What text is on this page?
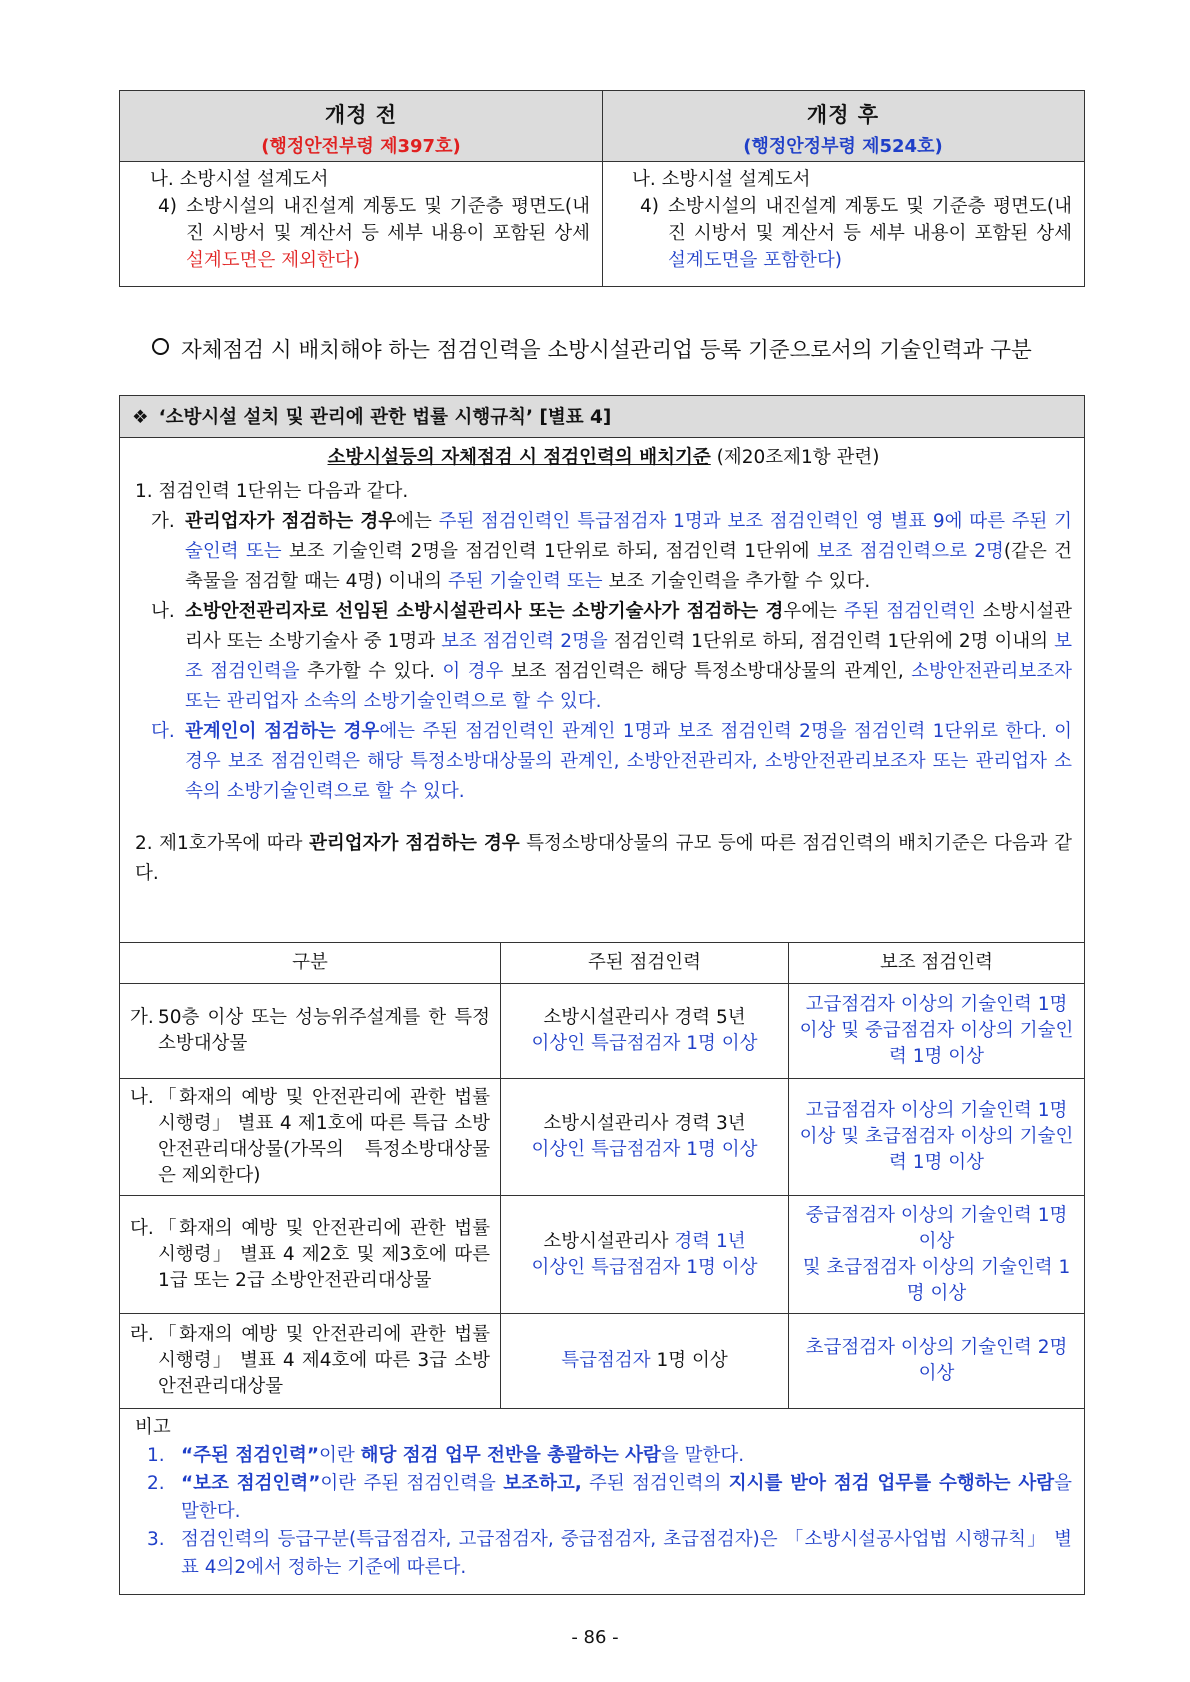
개정 전
(행정안전부령 제397호)
개정 후
(행정안정부령 제524호)
나. 소방시설 설계도서
4) 소방시설의 내진설계 계통도 및 기준층 평면도(내진 시방서 및 계산서 등 세부 내용이 포함된 상세 설계도면은 제외한다)
나. 소방시설 설계도서
4) 소방시설의 내진설계 계통도 및 기준층 평면도(내진 시방서 및 계산서 등 세부 내용이 포함된 상세 설계도면을 포함한다)
자체점검 시 배치해야 하는 점검인력을 소방시설관리업 등록 기준으로서의 기술인력과 구분
❖ ‘소방시설 설치 및 관리에 관한 법률 시행규칙’ [별표 4]
소방시설등의 자체점검 시 점검인력의 배치기준 (제20조제1항 관련)
1. 점검인력 1단위는 다음과 같다.
가. 관리업자가 점검하는 경우에는 주된 점검인력인 특급점검자 1명과 보조 점검인력인 영 별표 9에 따른 주된 기술인력 또는 보조 기술인력 2명을 점검인력 1단위로 하되, 점검인력 1단위에 보조 점검인력으로 2명(같은 건축물을 점검할 때는 4명) 이내의 주된 기술인력 또는 보조 기술인력을 추가할 수 있다.
나. 소방안전관리자로 선임된 소방시설관리사 또는 소방기술사가 점검하는 경우에는 주된 점검인력인 소방시설관리사 또는 소방기술사 중 1명과 보조 점검인력 2명을 점검인력 1단위로 하되, 점검인력 1단위에 2명 이내의 보조 점검인력을 추가할 수 있다. 이 경우 보조 점검인력은 해당 특정소방대상물의 관계인, 소방안전관리보조자 또는 관리업자 소속의 소방기술인력으로 할 수 있다.
다. 관계인이 점검하는 경우에는 주된 점검인력인 관계인 1명과 보조 점검인력 2명을 점검인력 1단위로 한다. 이 경우 보조 점검인력은 해당 특정소방대상물의 관계인, 소방안전관리자, 소방안전관리보조자 또는 관리업자 소속의 소방기술인력으로 할 수 있다.
2. 제1호가목에 따라 관리업자가 점검하는 경우 특정소방대상물의 규모 등에 따른 점검인력의 배치기준은 다음과 같다.
구분	주된 점검인력	보조 점검인력
가. 50층 이상 또는 성능위주설계를 한 특정소방대상물
소방시설관리사 경력 5년
이상인 특급점검자 1명 이상
고급점검자 이상의 기술인력 1명 이상 및 중급점검자 이상의 기술인력 1명 이상
나. 「화재의 예방 및 안전관리에 관한 법률 시행령」 별표 4 제1호에 따른 특급 소방안전관리대상물(가목의 특정소방대상물은 제외한다)
소방시설관리사 경력 3년
이상인 특급점검자 1명 이상
고급점검자 이상의 기술인력 1명 이상 및 초급점검자 이상의 기술인력 1명 이상
다. 「화재의 예방 및 안전관리에 관한 법률 시행령」 별표 4 제2호 및 제3호에 따른 1급 또는 2급 소방안전관리대상물
소방시설관리사 경력 1년
이상인 특급점검자 1명 이상
중급점검자 이상의 기술인력 1명 이상
및 초급점검자 이상의 기술인력 1명 이상
라. 「화재의 예방 및 안전관리에 관한 법률 시행령」 별표 4 제4호에 따른 3급 소방안전관리대상물
특급점검자 1명 이상
초급점검자 이상의 기술인력 2명 이상
비고
1. “주된 점검인력”이란 해당 점검 업무 전반을 총괄하는 사람을 말한다.
2. “보조 점검인력”이란 주된 점검인력을 보조하고, 주된 점검인력의 지시를 받아 점검 업무를 수행하는 사람을 말한다.
3. 점검인력의 등급구분(특급점검자, 고급점검자, 중급점검자, 초급점검자)은 「소방시설공사업법 시행규칙」 별표 4의2에서 정하는 기준에 따른다.
- 86 -
